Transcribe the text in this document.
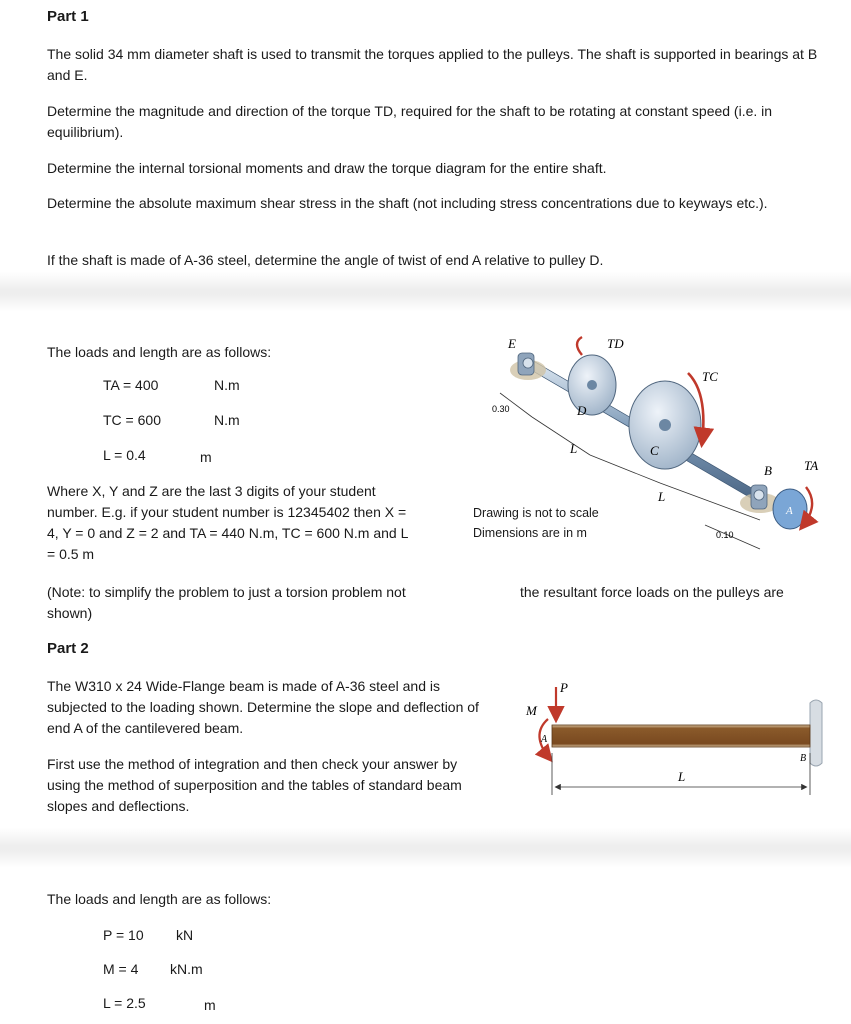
Part 1
The solid 34 mm diameter shaft is used to transmit the torques applied to the pulleys. The shaft is supported in bearings at B and E.
Determine the magnitude and direction of the torque TD, required for the shaft to be rotating at constant speed (i.e. in equilibrium).
Determine the internal torsional moments and draw the torque diagram for the entire shaft.
Determine the absolute maximum shear stress in the shaft (not including stress concentrations due to keyways etc.).
If the shaft is made of A-36 steel, determine the angle of twist of end A relative to pulley D.
The loads and length are as follows:
TA = 400	N.m
TC = 600	N.m
L = 0.4	m
Where X, Y and Z are the last 3 digits of your student number. E.g. if your student number is 12345402 then X = 4, Y = 0 and Z = 2 and TA = 440 N.m, TC = 600 N.m and L = 0.5 m
(Note: to simplify the problem to just a torsion problem not shown)
the resultant force loads on the pulleys are
Drawing is not to scale
Dimensions are in m
E	TD
D
TC
C
B TA
A
L
L
0.30
0.10
Part 2
The W310 x 24 Wide-Flange beam is made of A-36 steel and is subjected to the loading shown. Determine the slope and deflection of end A of the cantilevered beam.
First use the method of integration and then check your answer by using the method of superposition and the tables of standard beam slopes and deflections.
The loads and length are as follows:
P = 10 kN
M = 4 kN.m
L = 2.5	m
P
M
A
B
L
